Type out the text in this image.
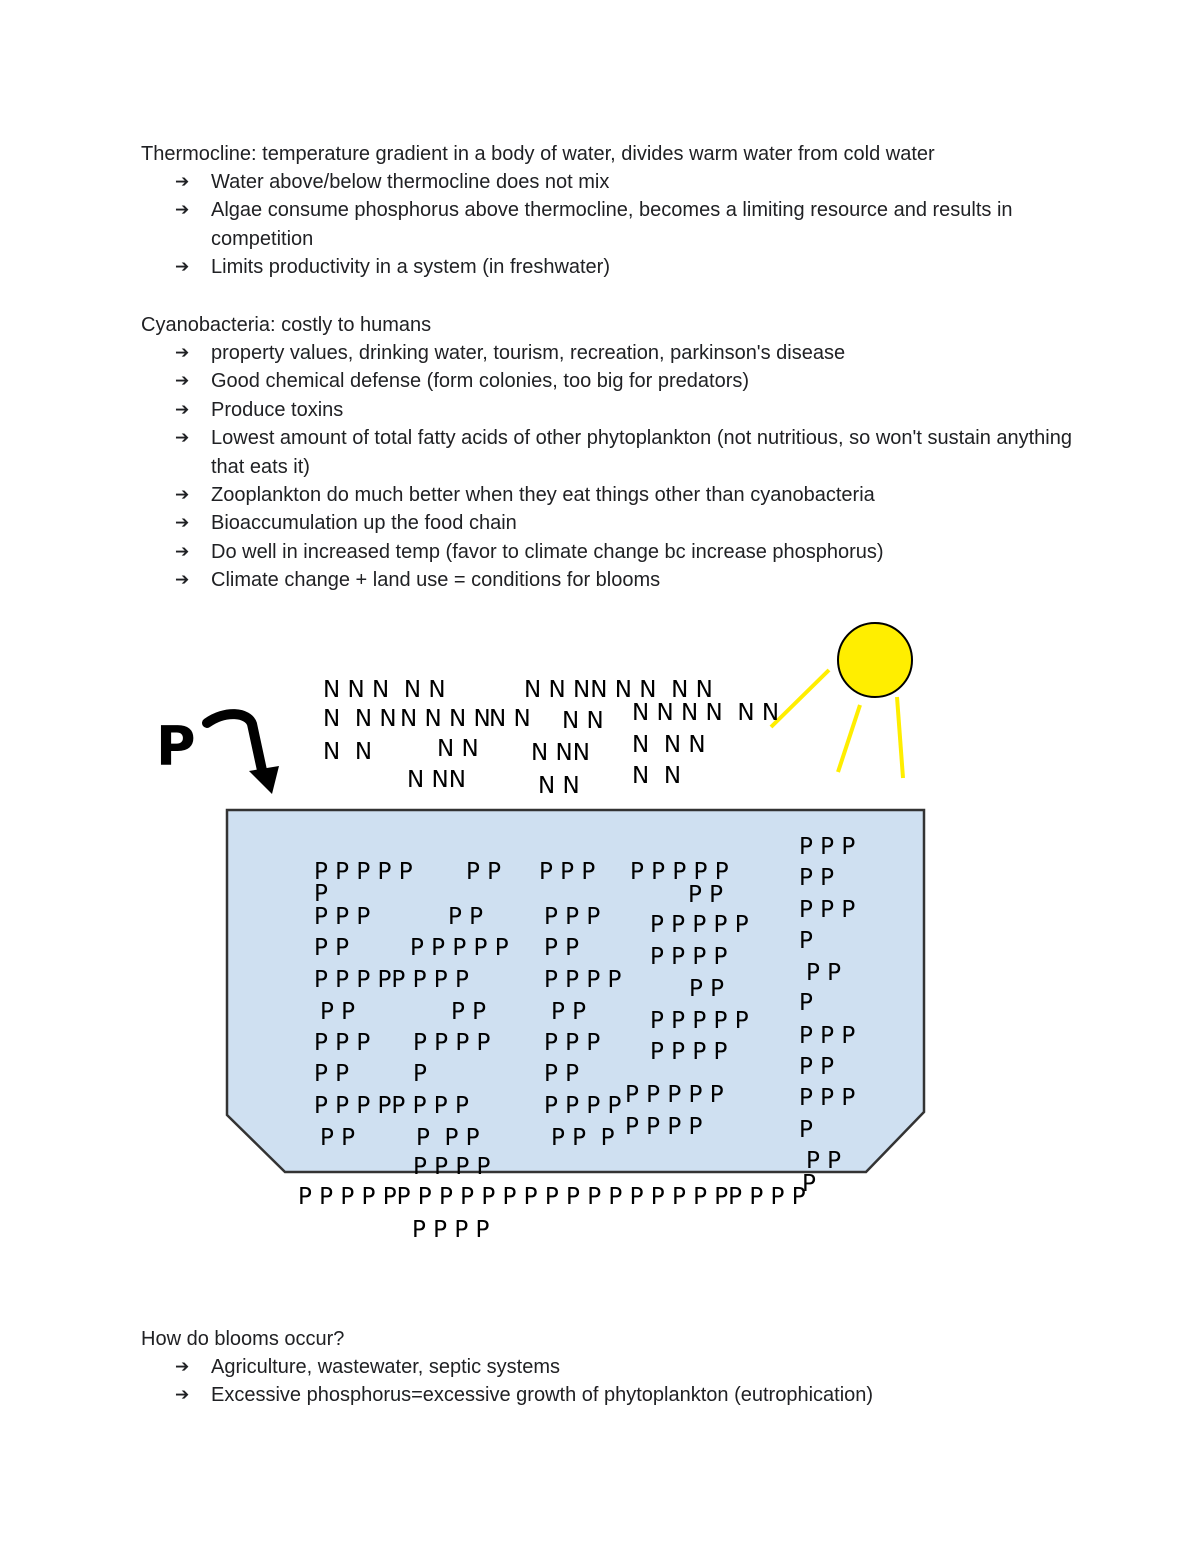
Thermocline: temperature gradient in a body of water, divides warm water from cold water

➔ Water above/below thermocline does not mix
➔ Algae consume phosphorus above thermocline, becomes a limiting resource and results in competition
➔ Limits productivity in a system (in freshwater)

Cyanobacteria: costly to humans

➔ property values, drinking water, tourism, recreation, parkinson's disease
➔ Good chemical defense (form colonies, too big for predators)
➔ Produce toxins
➔ Lowest amount of total fatty acids of other phytoplankton (not nutritious, so won't sustain anything that eats it)
➔ Zooplankton do much better when they eat things other than cyanobacteria
➔ Bioaccumulation up the food chain
➔ Do well in increased temp (favor to climate change bc increase phosphorus)
➔ Climate change + land use = conditions for blooms
P
N N N  N N
N  N N
N  N
N N N N
N N
N NN
N N NN N N  N N
N N
N NN
N N
N N N N  N N
N  N N
N  N
N N
P P P P P
P
P P P
P P
P P P PP P P P
P P
P P P
P P
P P P PP P P P
P P
P P
P P
P P P P P
P P
P P P P
P
P  P P
P P P P
P P P
P P P
P P
P P P P
P P
P P P
P P
P P P P
P P  P
P P P P P
P P
P P P P P
P P P P
P P
P P P P P
P P P P
P P P P P
P P P P
P P P
P P
P P P
P
P P
P
P P P
P P
P P P
P
P P
P
P P P P PP P P P P P P P P P P P P P P PP P P P
P P P P

How do blooms occur?

➔ Agriculture, wastewater, septic systems
➔ Excessive phosphorus=excessive growth of phytoplankton (eutrophication)
